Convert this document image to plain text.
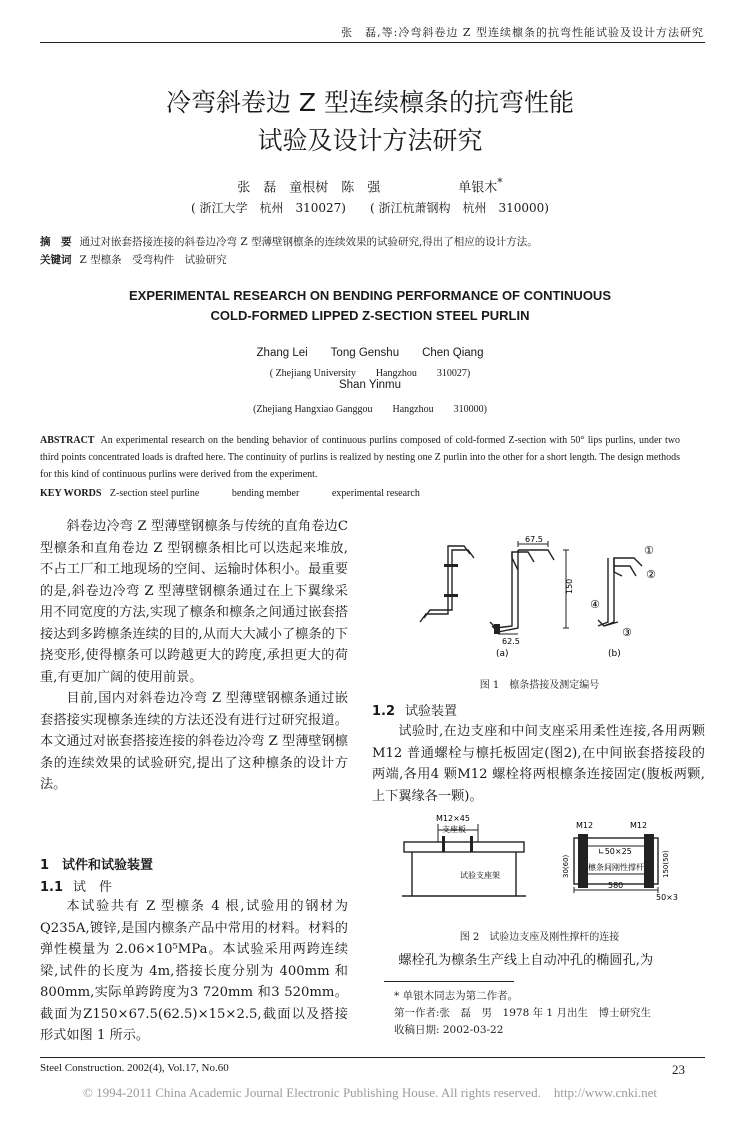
张　磊,等:冷弯斜卷边 Z 型连续檩条的抗弯性能试验及设计方法研究
冷弯斜卷边 Z 型连续檩条的抗弯性能
试验及设计方法研究
张　磊　童根树　陈　强　　　　　　单银木*
( 浙江大学　杭州　310027)　　( 浙江杭萧钢构　杭州　310000)
摘　要 通过对嵌套搭接连接的斜卷边冷弯 Z 型薄壁钢檩条的连续效果的试验研究,得出了相应的设计方法。
关键词 Z 型檩条　受弯构件　试验研究
EXPERIMENTAL RESEARCH ON BENDING PERFORMANCE OF CONTINUOUS
COLD-FORMED LIPPED Z-SECTION STEEL PURLIN
Zhang Lei　　Tong Genshu　　Chen Qiang
( Zhejiang University　　Hangzhou　　310027)
Shan Yinmu
(Zhejiang Hangxiao Ganggou　　Hangzhou　　310000)
ABSTRACT An experimental research on the bending behavior of continuous purlins composed of cold-formed Z-section with 50° lips purlins, under two third points concentrated loads is drafted here. The continuity of purlins is realized by nesting one Z purlin into the other for a short length. The design methods for this kind of continuous purlins were derived from the experiment.
KEY WORDS Z-section steel purline	bending member	experimental research

斜卷边冷弯 Z 型薄壁钢檩条与传统的直角卷边C 型檩条和直角卷边 Z 型钢檩条相比可以迭起来堆放,不占工厂和工地现场的空间、运输时体积小。最重要的是,斜卷边冷弯 Z 型薄壁钢檩条通过在上下翼缘采用不同宽度的方法,实现了檩条和檩条之间通过嵌套搭接达到多跨檩条连续的目的,从而大大减小了檩条的下挠变形,使得檩条可以跨越更大的跨度,承担更大的荷重,有更加广阔的使用前景。

目前,国内对斜卷边冷弯 Z 型薄壁钢檩条通过嵌套搭接实现檩条连续的方法还没有进行过研究报道。本文通过对嵌套搭接连接的斜卷边冷弯 Z 型薄壁钢檩条的连续效果的试验研究,提出了这种檩条的设计方法。

1　试件和试验装置
1.1 试　件

本试验共有 Z 型檩条 4 根,试验用的钢材为Q235A,镀锌,是国内檩条产品中常用的材料。材料的弹性模量为 2.06×10⁵MPa。本试验采用两跨连续梁,试件的长度为 4m,搭接长度分别为 400mm 和 800mm,实际单跨跨度为3 720mm 和3 520mm。截面为Z150×67.5(62.5)×15×2.5,截面以及搭接形式如图 1 所示。

67.5
150
62.5
(a)	(b)
①
②
③
④
图 1　檩条搭接及测定编号
1.2 试验装置

试验时,在边支座和中间支座采用柔性连接,各用两颗M12 普通螺栓与檩托板固定(图2),在中间嵌套搭接段的两端,各用4 颗M12 螺栓将两根檩条连接固定(腹板两颗,上下翼缘各一颗)。

M12×45
支座板
试验支座架
M12	M12
∟50×25
檩条间刚性撑杆
580
30(60)	150(50)
50×3
图 2　试验边支座及刚性撑杆的连接

螺栓孔为檩条生产线上自动冲孔的椭圆孔,为

* 单银木同志为第二作者。
第一作者:张　磊　男　1978 年 1 月出生　博士研究生
收稿日期: 2002-03-22
Steel Construction. 2002(4), Vol.17, No.60	23
© 1994-2011 China Academic Journal Electronic Publishing House. All rights reserved.　http://www.cnki.net
